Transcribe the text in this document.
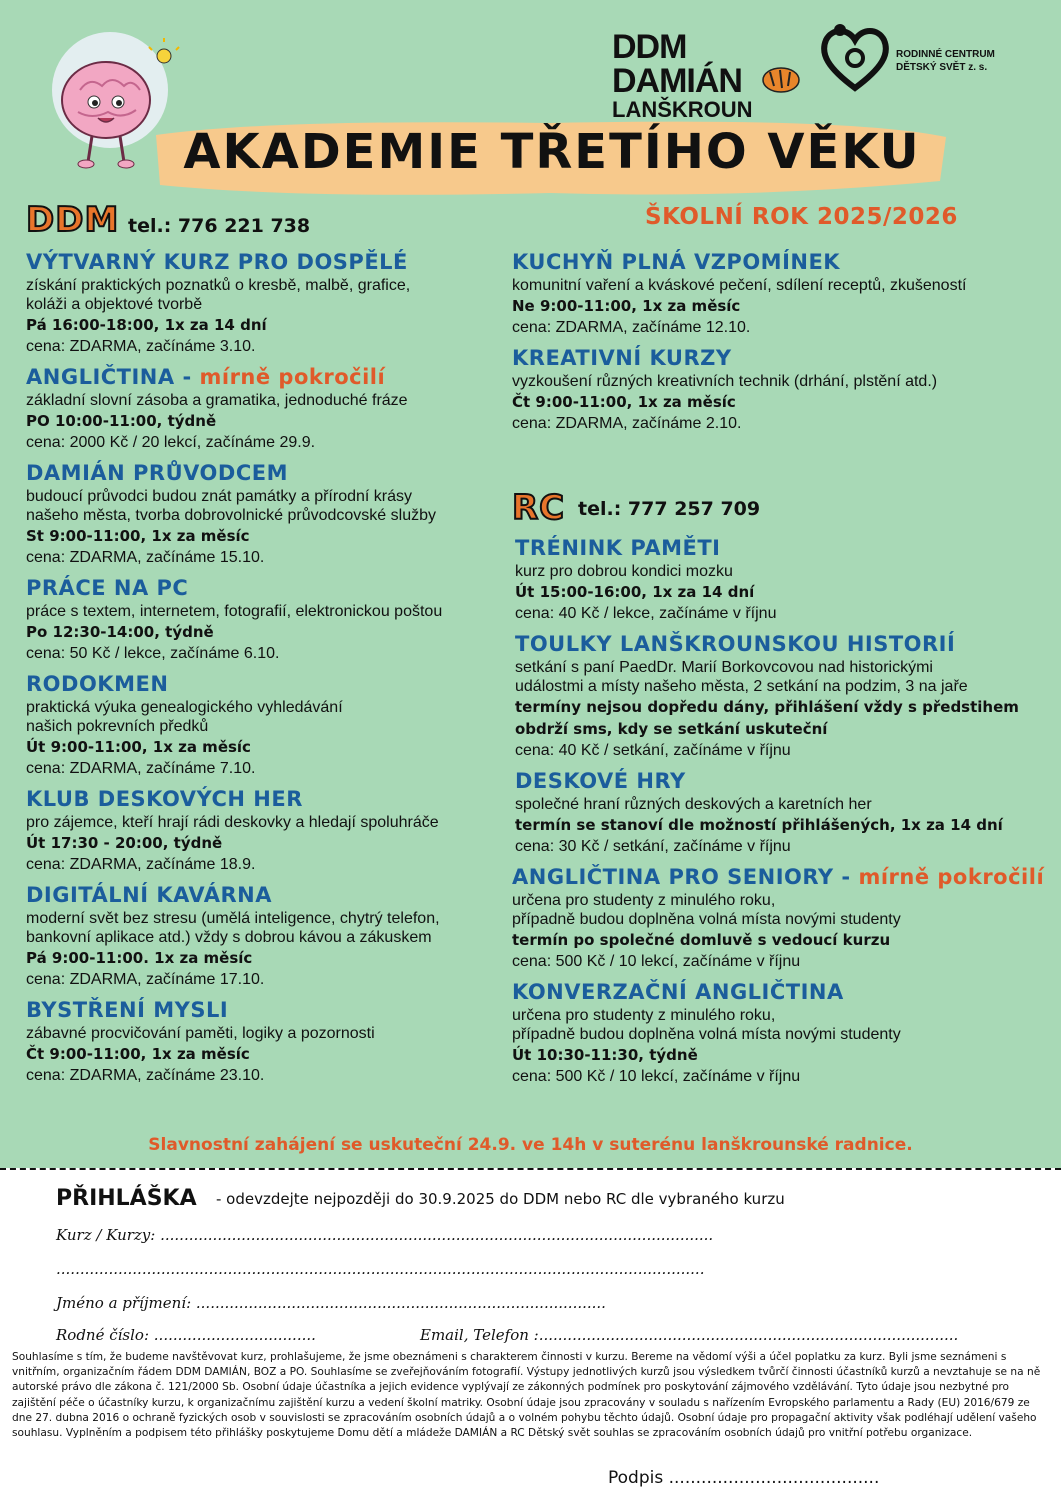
DDM DAMIÁN
LANŠKROUN
RODINNÉ CENTRUM
DĚTSKÝ SVĚT z. s.
AKADEMIE TŘETÍHO VĚKU
DDM tel.: 776 221 738	ŠKOLNÍ ROK 2025/2026
VÝTVARNÝ KURZ PRO DOSPĚLÉ
získání praktických poznatků o kresbě, malbě, grafice,
koláži a objektové tvorbě
Pá 16:00-18:00, 1x za 14 dní
cena: ZDARMA, začínáme 3.10.
ANGLIČTINA - mírně pokročilí
základní slovní zásoba a gramatika, jednoduché fráze
PO 10:00-11:00, týdně
cena: 2000 Kč / 20 lekcí, začínáme 29.9.
DAMIÁN PRŮVODCEM
budoucí průvodci budou znát památky a přírodní krásy
našeho města, tvorba dobrovolnické průvodcovské služby
St 9:00-11:00, 1x za měsíc
cena: ZDARMA, začínáme 15.10.
PRÁCE NA PC
práce s textem, internetem, fotografií, elektronickou poštou
Po 12:30-14:00, týdně
cena: 50 Kč / lekce, začínáme 6.10.
RODOKMEN
praktická výuka genealogického vyhledávání
našich pokrevních předků
Út 9:00-11:00, 1x za měsíc
cena: ZDARMA, začínáme 7.10.
KLUB DESKOVÝCH HER
pro zájemce, kteří hrají rádi deskovky a hledají spoluhráče
Út 17:30 - 20:00, týdně
cena: ZDARMA, začínáme 18.9.
DIGITÁLNÍ KAVÁRNA
moderní svět bez stresu (umělá inteligence, chytrý telefon,
bankovní aplikace atd.) vždy s dobrou kávou a zákuskem
Pá 9:00-11:00. 1x za měsíc
cena: ZDARMA, začínáme 17.10.
BYSTŘENÍ MYSLI
zábavné procvičování paměti, logiky a pozornosti
Čt 9:00-11:00, 1x za měsíc
cena: ZDARMA, začínáme 23.10.
KUCHYŇ PLNÁ VZPOMÍNEK
komunitní vaření a kváskové pečení, sdílení receptů, zkušeností
Ne 9:00-11:00, 1x za měsíc
cena: ZDARMA, začínáme 12.10.
KREATIVNÍ KURZY
vyzkoušení různých kreativních technik (drhání, plstění atd.)
Čt 9:00-11:00, 1x za měsíc
cena: ZDARMA, začínáme 2.10.
RC tel.: 777 257 709
TRÉNINK PAMĚTI
kurz pro dobrou kondici mozku
Út 15:00-16:00, 1x za 14 dní
cena: 40 Kč / lekce, začínáme v říjnu
TOULKY LANŠKROUNSKOU HISTORIÍ
setkání s paní PaedDr. Marií Borkovcovou nad historickými
událostmi a místy našeho města, 2 setkání na podzim, 3 na jaře
termíny nejsou dopředu dány, přihlášení vždy s předstihem
obdrží sms, kdy se setkání uskuteční
cena: 40 Kč / setkání, začínáme v říjnu
DESKOVÉ HRY
společné hraní různých deskových a karetních her
termín se stanoví dle možností přihlášených, 1x za 14 dní
cena: 30 Kč / setkání, začínáme v říjnu
ANGLIČTINA PRO SENIORY - mírně pokročilí
určena pro studenty z minulého roku,
případně budou doplněna volná místa novými studenty
termín po společné domluvě s vedoucí kurzu
cena: 500 Kč / 10 lekcí, začínáme v říjnu
KONVERZAČNÍ ANGLIČTINA
určena pro studenty z minulého roku,
případně budou doplněna volná místa novými studenty
Út 10:30-11:30, týdně
cena: 500 Kč / 10 lekcí, začínáme v říjnu
Slavnostní zahájení se uskuteční 24.9. ve 14h v suterénu lanškrounské radnice.
PŘIHLÁŠKA - odevzdejte nejpozději do 30.9.2025 do DDM nebo RC dle vybraného kurzu
Kurz / Kurzy: ....................................................................................................................
........................................................................................................................................
Jméno a příjmení: ......................................................................................
Rodné číslo: ..................................	Email, Telefon :........................................................................................
Souhlasíme s tím, že budeme navštěvovat kurz, prohlašujeme, že jsme obeznámeni s charakterem činnosti v kurzu. Bereme na vědomí výši a účel poplatku za kurz. Byli jsme seznámeni s vnitřním, organizačním řádem DDM DAMIÁN, BOZ a PO. Souhlasíme se zveřejňováním fotografií. Výstupy jednotlivých kurzů jsou výsledkem tvůrčí činnosti účastníků kurzů a nevztahuje se na ně autorské právo dle zákona č. 121/2000 Sb. Osobní údaje účastníka a jejich evidence vyplývají ze zákonných podmínek pro poskytování zájmového vzdělávání. Tyto údaje jsou nezbytné pro zajištění péče o účastníky kurzu, k organizačnímu zajištění kurzu a vedení školní matriky. Osobní údaje jsou zpracovány v souladu s nařízením Evropského parlamentu a Rady (EU) 2016/679 ze dne 27. dubna 2016 o ochraně fyzických osob v souvislosti se zpracováním osobních údajů a o volném pohybu těchto údajů. Osobní údaje pro propagační aktivity však podléhají udělení vašeho souhlasu. Vyplněním a podpisem této přihlášky poskytujeme Domu dětí a mládeže DAMIÁN a RC Dětský svět souhlas se zpracováním osobních údajů pro vnitřní potřebu organizace.
Podpis .......................................
